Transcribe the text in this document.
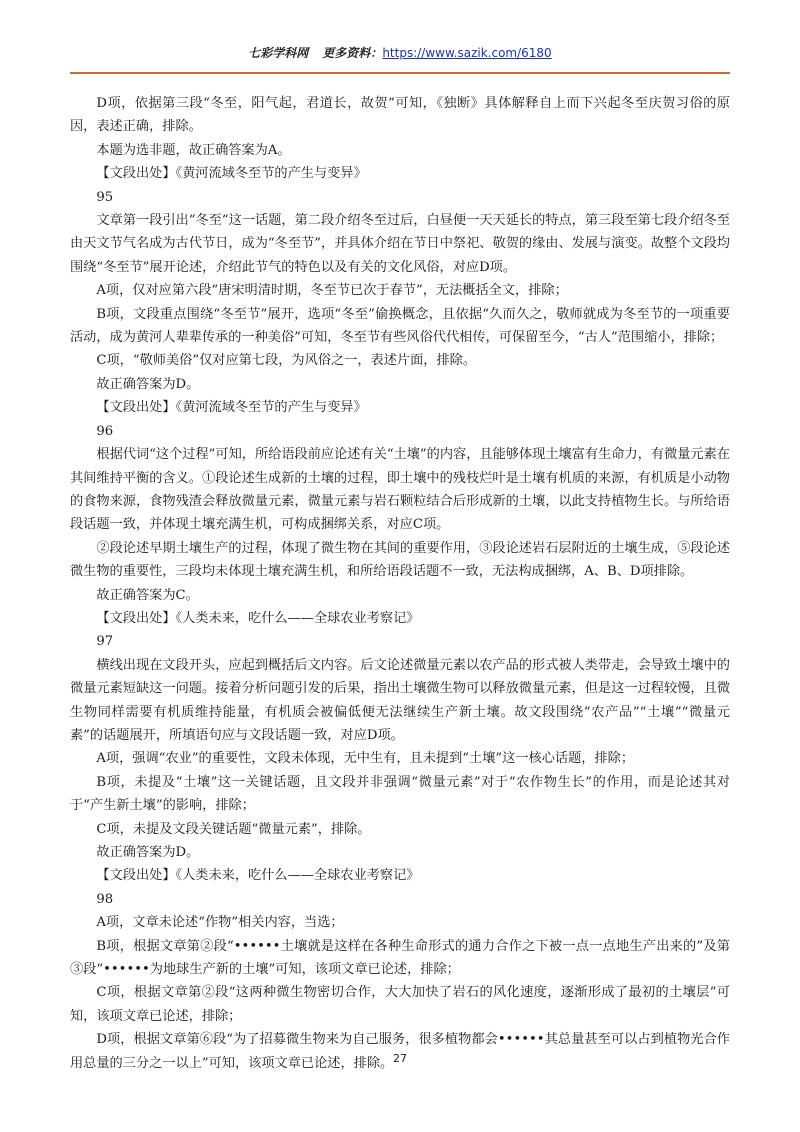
七彩学科网 更多资料：https://www.sazik.com/6180

D项，依据第三段“冬至，阳气起，君道长，故贺”可知，《独断》具体解释自上而下兴起冬至庆贺习俗的原因，表述正确，排除。

本题为选非题，故正确答案为A。

【文段出处】《黄河流域冬至节的产生与变异》

95

文章第一段引出“冬至”这一话题，第二段介绍冬至过后，白昼便一天天延长的特点，第三段至第七段介绍冬至由天文节气名成为古代节日，成为“冬至节”，并具体介绍在节日中祭祀、敬贺的缘由、发展与演变。故整个文段均围绕“冬至节”展开论述，介绍此节气的特色以及有关的文化风俗，对应D项。

A项，仅对应第六段“唐宋明清时期，冬至节已次于春节”，无法概括全文，排除；

B项，文段重点围绕“冬至节”展开，选项“冬至”偷换概念，且依据“久而久之，敬师就成为冬至节的一项重要活动，成为黄河人辈辈传承的一种美俗”可知，冬至节有些风俗代代相传，可保留至今，“古人”范围缩小，排除；

C项，“敬师美俗”仅对应第七段，为风俗之一，表述片面，排除。

故正确答案为D。

【文段出处】《黄河流域冬至节的产生与变异》

96

根据代词“这个过程”可知，所给语段前应论述有关“土壤”的内容，且能够体现土壤富有生命力，有微量元素在其间维持平衡的含义。①段论述生成新的土壤的过程，即土壤中的残枝烂叶是土壤有机质的来源，有机质是小动物的食物来源，食物残渣会释放微量元素，微量元素与岩石颗粒结合后形成新的土壤，以此支持植物生长。与所给语段话题一致，并体现土壤充满生机，可构成捆绑关系，对应C项。

②段论述早期土壤生产的过程，体现了微生物在其间的重要作用，③段论述岩石层附近的土壤生成，⑤段论述微生物的重要性，三段均未体现土壤充满生机，和所给语段话题不一致，无法构成捆绑，A、B、D项排除。

故正确答案为C。

【文段出处】《人类未来，吃什么——全球农业考察记》

97

横线出现在文段开头，应起到概括后文内容。后文论述微量元素以农产品的形式被人类带走，会导致土壤中的微量元素短缺这一问题。接着分析问题引发的后果，指出土壤微生物可以释放微量元素，但是这一过程较慢，且微生物同样需要有机质维持能量，有机质会被偏低便无法继续生产新土壤。故文段围绕“农产品”“土壤”“微量元素”的话题展开，所填语句应与文段话题一致，对应D项。

A项，强调“农业”的重要性，文段未体现，无中生有，且未提到“土壤”这一核心话题，排除；

B项，未提及“土壤”这一关键话题，且文段并非强调“微量元素”对于“农作物生长”的作用，而是论述其对于“产生新土壤”的影响，排除；

C项，未提及文段关键话题“微量元素”，排除。

故正确答案为D。

【文段出处】《人类未来，吃什么——全球农业考察记》

98

A项，文章未论述“作物”相关内容，当选；

B项，根据文章第②段“••••••土壤就是这样在各种生命形式的通力合作之下被一点一点地生产出来的”及第③段“••••••为地球生产新的土壤”可知，该项文章已论述，排除；

C项，根据文章第②段“这两种微生物密切合作，大大加快了岩石的风化速度，逐渐形成了最初的土壤层”可知，该项文章已论述，排除；

D项，根据文章第⑥段“为了招募微生物来为自己服务，很多植物都会••••••其总量甚至可以占到植物光合作用总量的三分之一以上”可知，该项文章已论述，排除。 27
